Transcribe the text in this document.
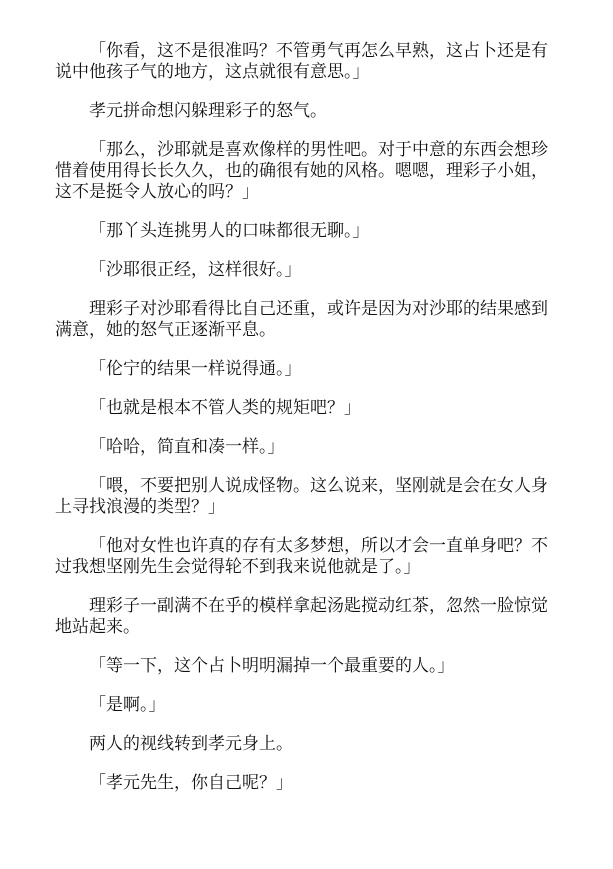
「你看，这不是很准吗？不管勇气再怎么早熟，这占卜还是有说中他孩子气的地方，这点就很有意思。」

孝元拼命想闪躲理彩子的怒气。

「那么，沙耶就是喜欢像样的男性吧。对于中意的东西会想珍惜着使用得长长久久，也的确很有她的风格。嗯嗯，理彩子小姐，这不是挺令人放心的吗？」

「那丫头连挑男人的口味都很无聊。」

「沙耶很正经，这样很好。」

理彩子对沙耶看得比自己还重，或许是因为对沙耶的结果感到满意，她的怒气正逐渐平息。

「伦宁的结果一样说得通。」

「也就是根本不管人类的规矩吧？」

「哈哈，简直和凑一样。」

「喂，不要把别人说成怪物。这么说来，坚刚就是会在女人身上寻找浪漫的类型？」

「他对女性也许真的存有太多梦想，所以才会一直单身吧？不过我想坚刚先生会觉得轮不到我来说他就是了。」

理彩子一副满不在乎的模样拿起汤匙搅动红茶，忽然一脸惊觉地站起来。

「等一下，这个占卜明明漏掉一个最重要的人。」

「是啊。」

两人的视线转到孝元身上。

「孝元先生，你自己呢？」
